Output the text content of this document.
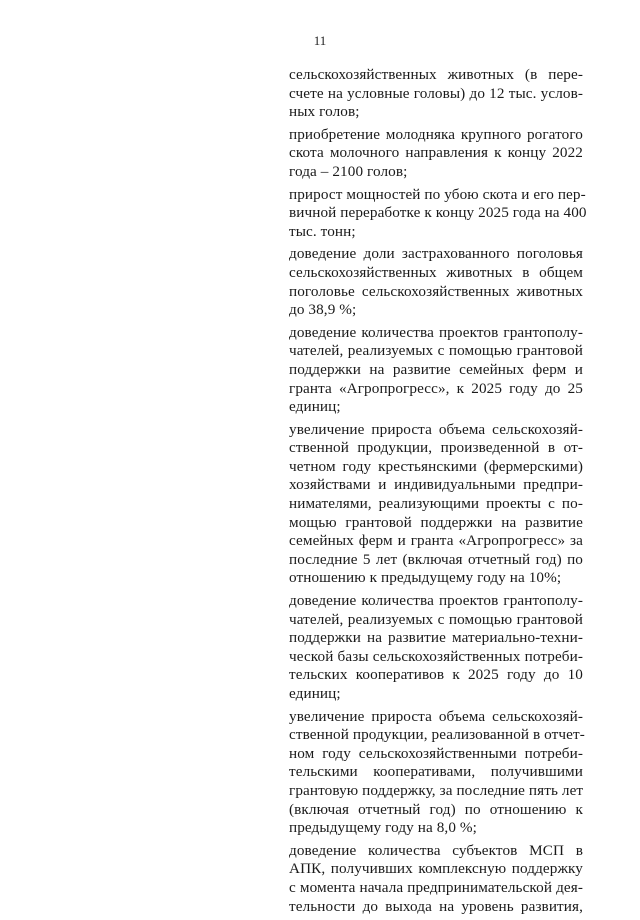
11
сельскохозяйственных животных (в пере-
счете на условные головы) до 12 тыс. услов-
ных голов;
приобретение молодняка крупного рогатого
скота молочного направления к концу 2022
года – 2100 голов;
прирост мощностей по убою скота и его пер-
вичной переработке к концу 2025 года на 400
тыс. тонн;
доведение доли застрахованного поголовья
сельскохозяйственных животных в общем
поголовье сельскохозяйственных животных
до 38,9 %;
доведение количества проектов грантополу-
чателей, реализуемых с помощью грантовой
поддержки на развитие семейных ферм и
гранта «Агропрогресс», к 2025 году до 25
единиц;
увеличение прироста объема сельскохозяй-
ственной продукции, произведенной в от-
четном году крестьянскими (фермерскими)
хозяйствами и индивидуальными предпри-
нимателями, реализующими проекты с по-
мощью грантовой поддержки на развитие
семейных ферм и гранта «Агропрогресс» за
последние 5 лет (включая отчетный год) по
отношению к предыдущему году на 10%;
доведение количества проектов грантополу-
чателей, реализуемых с помощью грантовой
поддержки на развитие материально-техни-
ческой базы сельскохозяйственных потреби-
тельских кооперативов к 2025 году до 10
единиц;
увеличение прироста объема сельскохозяй-
ственной продукции, реализованной в отчет-
ном году сельскохозяйственными потреби-
тельскими кооперативами, получившими
грантовую поддержку, за последние пять лет
(включая отчетный год) по отношению к
предыдущему году на 8,0 %;
доведение количества субъектов МСП в
АПК, получивших комплексную поддержку
с момента начала предпринимательской дея-
тельности до выхода на уровень развития,
